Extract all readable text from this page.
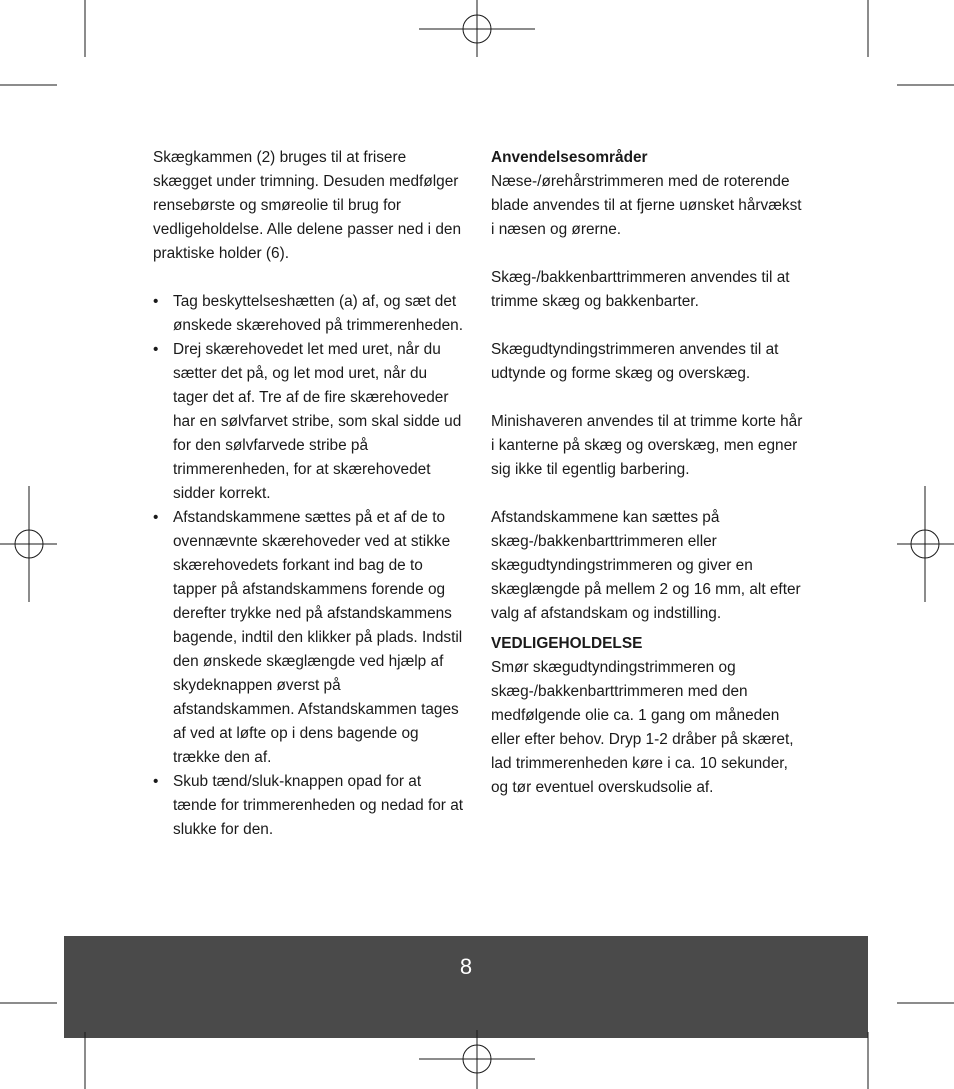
Skægkammen (2) bruges til at frisere skægget under trimning. Desuden medfølger rensebørste og smøreolie til brug for vedligeholdelse. Alle delene passer ned i den praktiske holder (6).

• Tag beskyttelseshætten (a) af, og sæt det ønskede skærehoved på trimmerenheden.
• Drej skærehovedet let med uret, når du sætter det på, og let mod uret, når du tager det af. Tre af de fire skærehoveder har en sølvfarvet stribe, som skal sidde ud for den sølvfarvede stribe på trimmerenheden, for at skærehovedet sidder korrekt.
• Afstandskammene sættes på et af de to ovennævnte skærehoveder ved at stikke skærehovedets forkant ind bag de to tapper på afstandskammens forende og derefter trykke ned på afstandskammens bagende, indtil den klikker på plads. Indstil den ønskede skæglængde ved hjælp af skydeknappen øverst på afstandskammen. Afstandskammen tages af ved at løfte op i dens bagende og trække den af.
• Skub tænd/sluk-knappen opad for at tænde for trimmerenheden og nedad for at slukke for den.

Anvendelsesområder

Næse-/ørehårstrimmeren med de roterende blade anvendes til at fjerne uønsket hårvækst i næsen og ørerne.

Skæg-/bakkenbarttrimmeren anvendes til at trimme skæg og bakkenbarter.

Skægudtyndingstrimmeren anvendes til at udtynde og forme skæg og overskæg.

Minishaveren anvendes til at trimme korte hår i kanterne på skæg og overskæg, men egner sig ikke til egentlig barbering.

Afstandskammene kan sættes på skæg-/bakkenbarttrimmeren eller skægudtyndingstrimmeren og giver en skæglængde på mellem 2 og 16 mm, alt efter valg af afstandskam og indstilling.

VEDLIGEHOLDELSE

Smør skægudtyndingstrimmeren og skæg-/bakkenbarttrimmeren med den medfølgende olie ca. 1 gang om måneden eller efter behov. Dryp 1-2 dråber på skæret, lad trimmerenheden køre i ca. 10 sekunder, og tør eventuel overskudsolie af.

8
